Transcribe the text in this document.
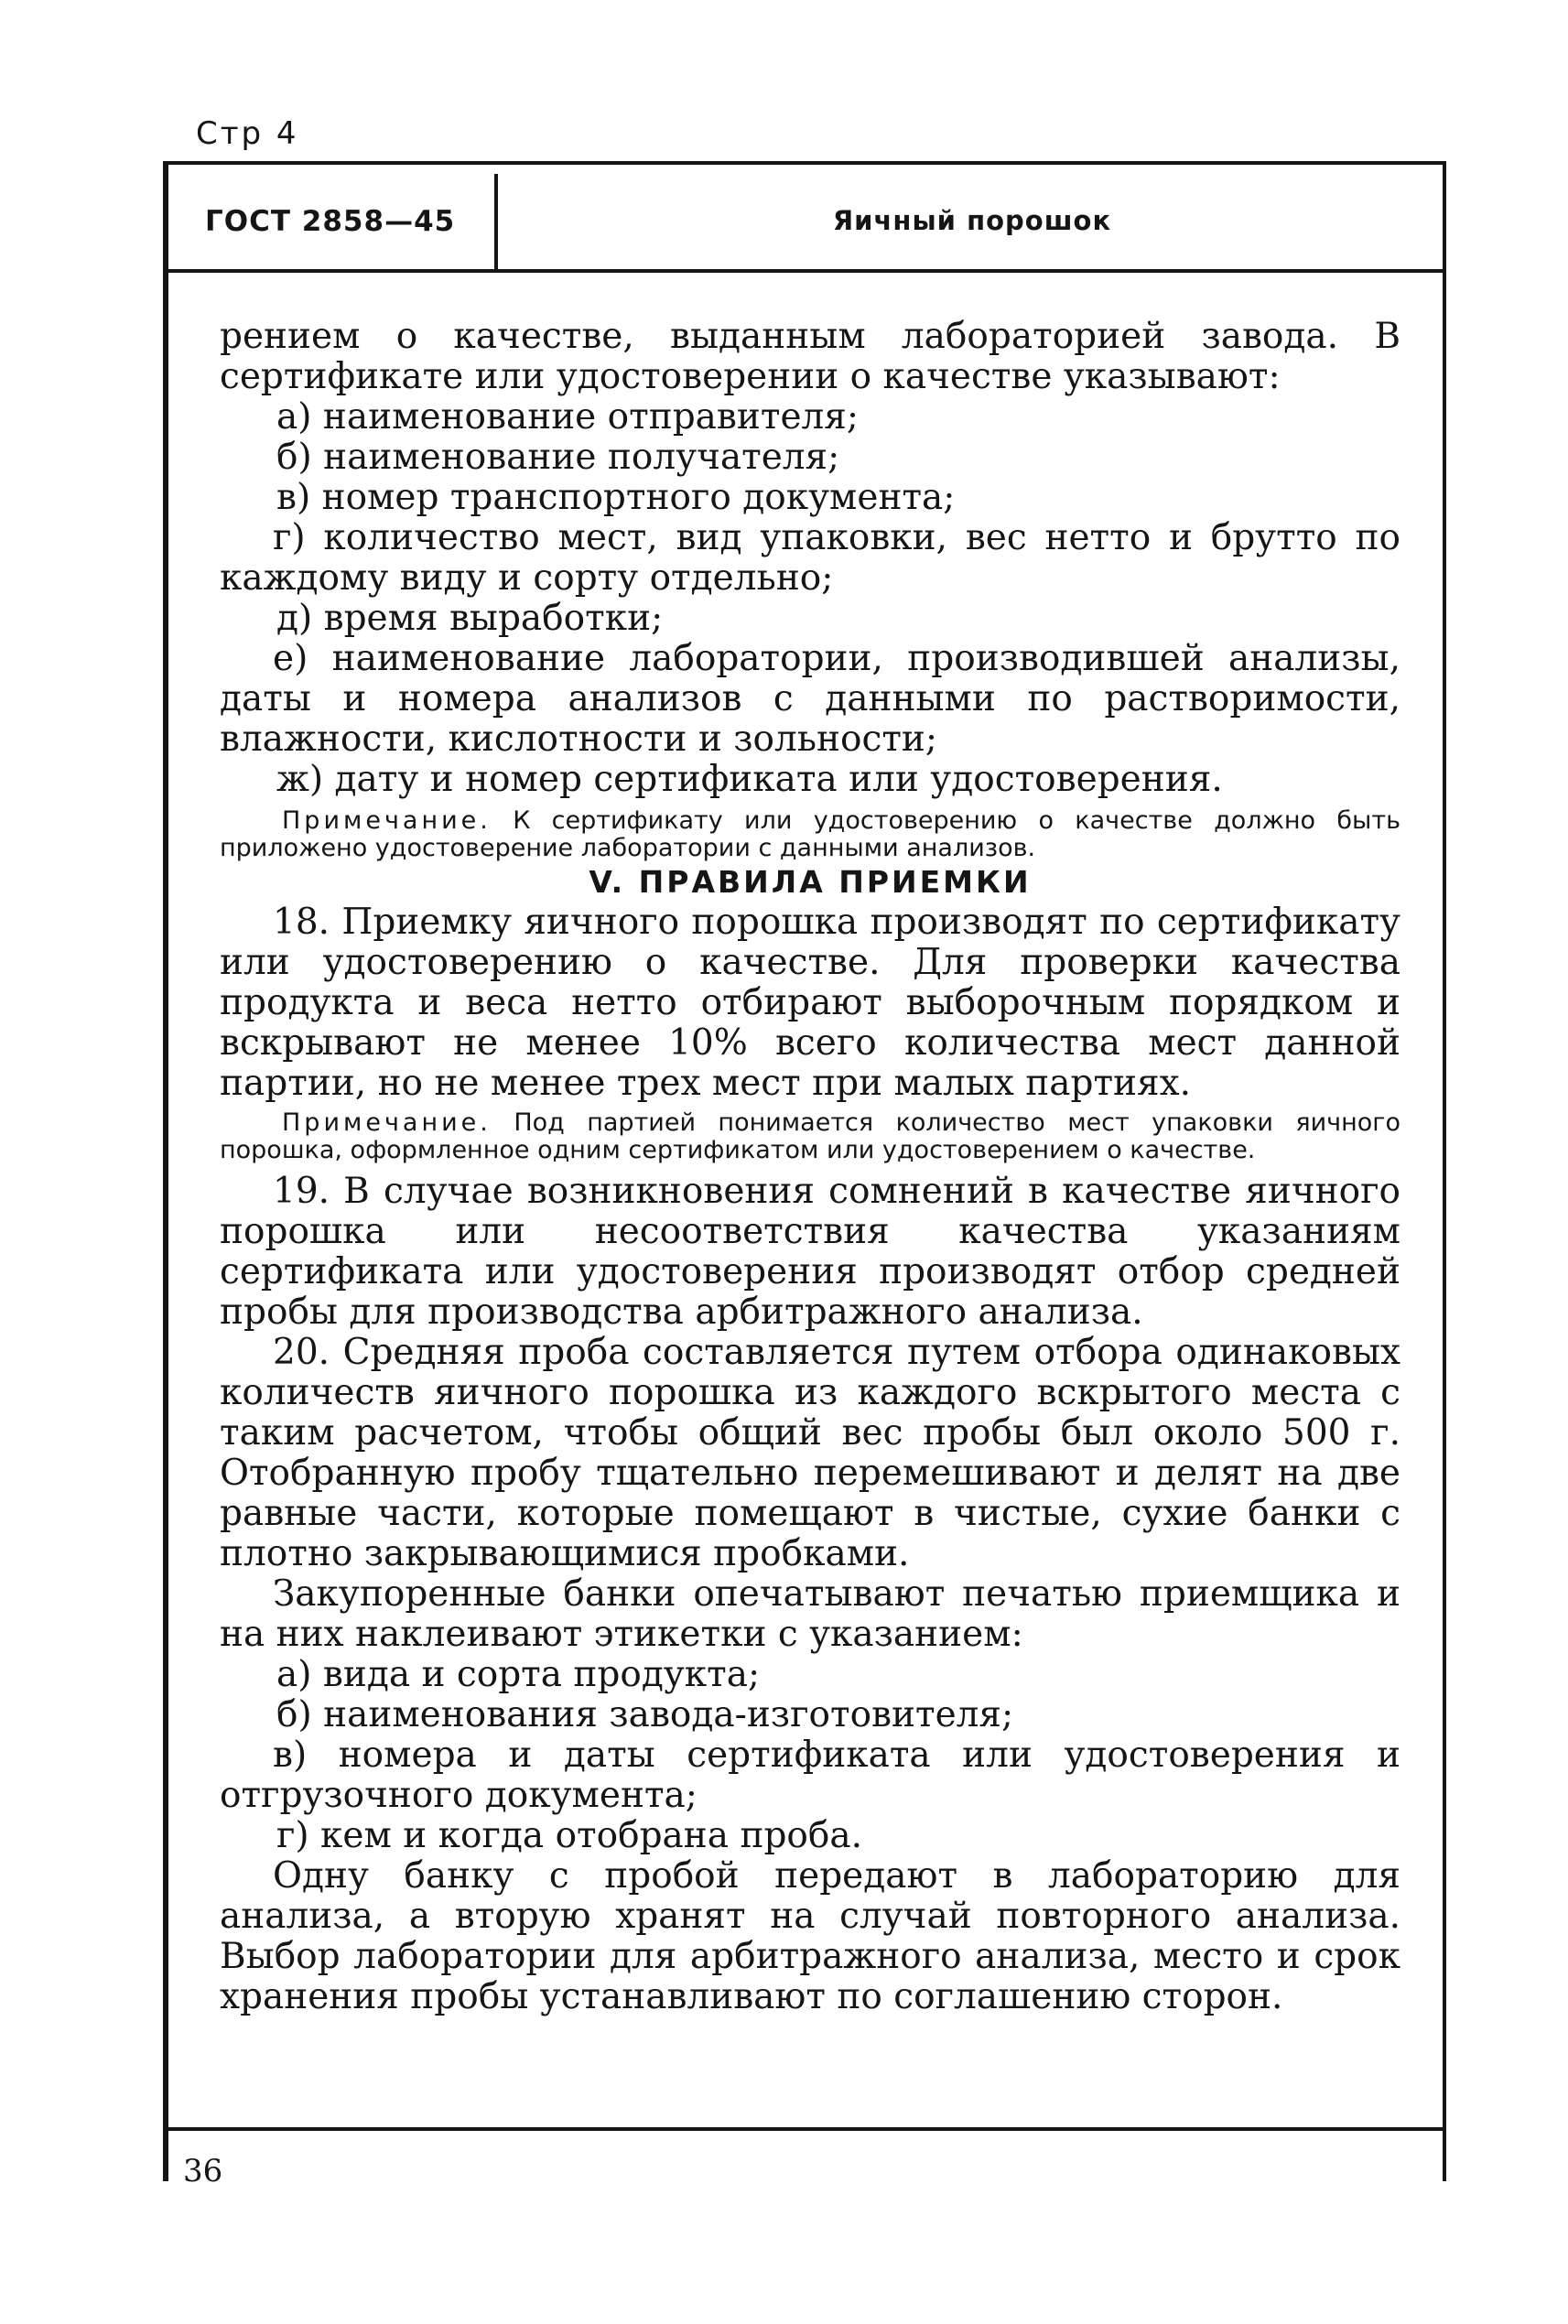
Стр 4
ГОСТ 2858—45	Яичный порошок

рением о качестве, выданным лабораторией завода. В сертификате или удостоверении о качестве указывают:

а) наименование отправителя;

б) наименование получателя;

в) номер транспортного документа;

г) количество мест, вид упаковки, вес нетто и брутто по каждому виду и сорту отдельно;

д) время выработки;

е) наименование лаборатории, производившей анализы, даты и номера анализов с данными по растворимости, влажности, кислотности и зольности;

ж) дату и номер сертификата или удостоверения.

Примечание. К сертификату или удостоверению о качестве должно быть приложено удостоверение лаборатории с данными анализов.

V. ПРАВИЛА ПРИЕМКИ

18. Приемку яичного порошка производят по сертификату или удостоверению о качестве. Для проверки качества продукта и веса нетто отбирают выборочным порядком и вскрывают не менее 10% всего количества мест данной партии, но не менее трех мест при малых партиях.

Примечание. Под партией понимается количество мест упаковки яичного порошка, оформленное одним сертификатом или удостоверением о качестве.

19. В случае возникновения сомнений в качестве яичного порошка или несоответствия качества указаниям сертификата или удостоверения производят отбор средней пробы для производства арбитражного анализа.

20. Средняя проба составляется путем отбора одинаковых количеств яичного порошка из каждого вскрытого места с таким расчетом, чтобы общий вес пробы был около 500 г. Отобранную пробу тщательно перемешивают и делят на две равные части, которые помещают в чистые, сухие банки с плотно закрывающимися пробками.

Закупоренные банки опечатывают печатью приемщика и на них наклеивают этикетки с указанием:

а) вида и сорта продукта;

б) наименования завода-изготовителя;

в) номера и даты сертификата или удостоверения и отгрузочного документа;

г) кем и когда отобрана проба.

Одну банку с пробой передают в лабораторию для анализа, а вторую хранят на случай повторного анализа. Выбор лаборатории для арбитражного анализа, место и срок хранения пробы устанавливают по соглашению сторон.

36
